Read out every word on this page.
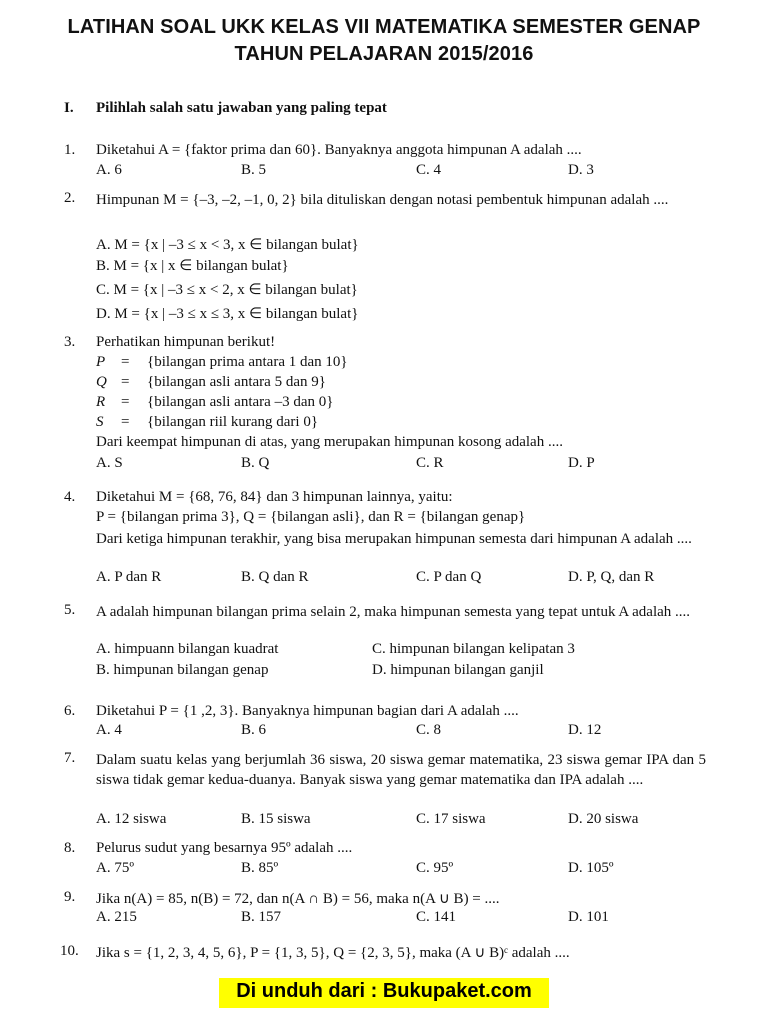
LATIHAN SOAL UKK KELAS VII MATEMATIKA SEMESTER GENAP
TAHUN PELAJARAN 2015/2016
I. Pilihlah salah satu jawaban yang paling tepat
1. Diketahui A = {faktor prima dan 60}. Banyaknya anggota himpunan A adalah ....
A. 6	B. 5	C. 4	D. 3
2. Himpunan M = {–3, –2, –1, 0, 2} bila dituliskan dengan notasi pembentuk himpunan adalah ....
A. M = {x | –3 ≤ x < 3, x ∈ bilangan bulat}
B. M = {x | x ∈ bilangan bulat}
C. M = {x | –3 ≤ x < 2, x ∈ bilangan bulat}
D. M = {x | –3 ≤ x ≤ 3, x ∈ bilangan bulat}
3. Perhatikan himpunan berikut!
P = {bilangan prima antara 1 dan 10}
Q = {bilangan asli antara 5 dan 9}
R = {bilangan asli antara –3 dan 0}
S = {bilangan riil kurang dari 0}
Dari keempat himpunan di atas, yang merupakan himpunan kosong adalah ....
A. S	B. Q	C. R	D. P
4. Diketahui M = {68, 76, 84} dan 3 himpunan lainnya, yaitu:
P = {bilangan prima 3}, Q = {bilangan asli}, dan R = {bilangan genap}
Dari ketiga himpunan terakhir, yang bisa merupakan himpunan semesta dari himpunan A adalah ....
A. P dan R	B. Q dan R	C. P dan Q	D. P, Q, dan R
5. A adalah himpunan bilangan prima selain 2, maka himpunan semesta yang tepat untuk A adalah ....
A. himpuann bilangan kuadrat	C. himpunan bilangan kelipatan 3
B. himpunan bilangan genap	D. himpunan bilangan ganjil
6. Diketahui P = {1 ,2, 3}. Banyaknya himpunan bagian dari A adalah ....
A. 4	B. 6	C. 8	D. 12
7. Dalam suatu kelas yang berjumlah 36 siswa, 20 siswa gemar matematika, 23 siswa gemar IPA dan 5 siswa tidak gemar kedua-duanya. Banyak siswa yang gemar matematika dan IPA adalah ....
A. 12 siswa	B. 15 siswa	C. 17 siswa	D. 20 siswa
8. Pelurus sudut yang besarnya 95º adalah ....
A. 75º	B. 85º	C. 95º	D. 105º
9. Jika n(A) = 85, n(B) = 72, dan n(A ∩ B) = 56, maka n(A ∪ B) = ....
A. 215	B. 157	C. 141	D. 101
10. Jika s = {1, 2, 3, 4, 5, 6}, P = {1, 3, 5}, Q = {2, 3, 5}, maka (A ∪ B)ᶜ adalah ....
Di unduh dari : Bukupaket.com
